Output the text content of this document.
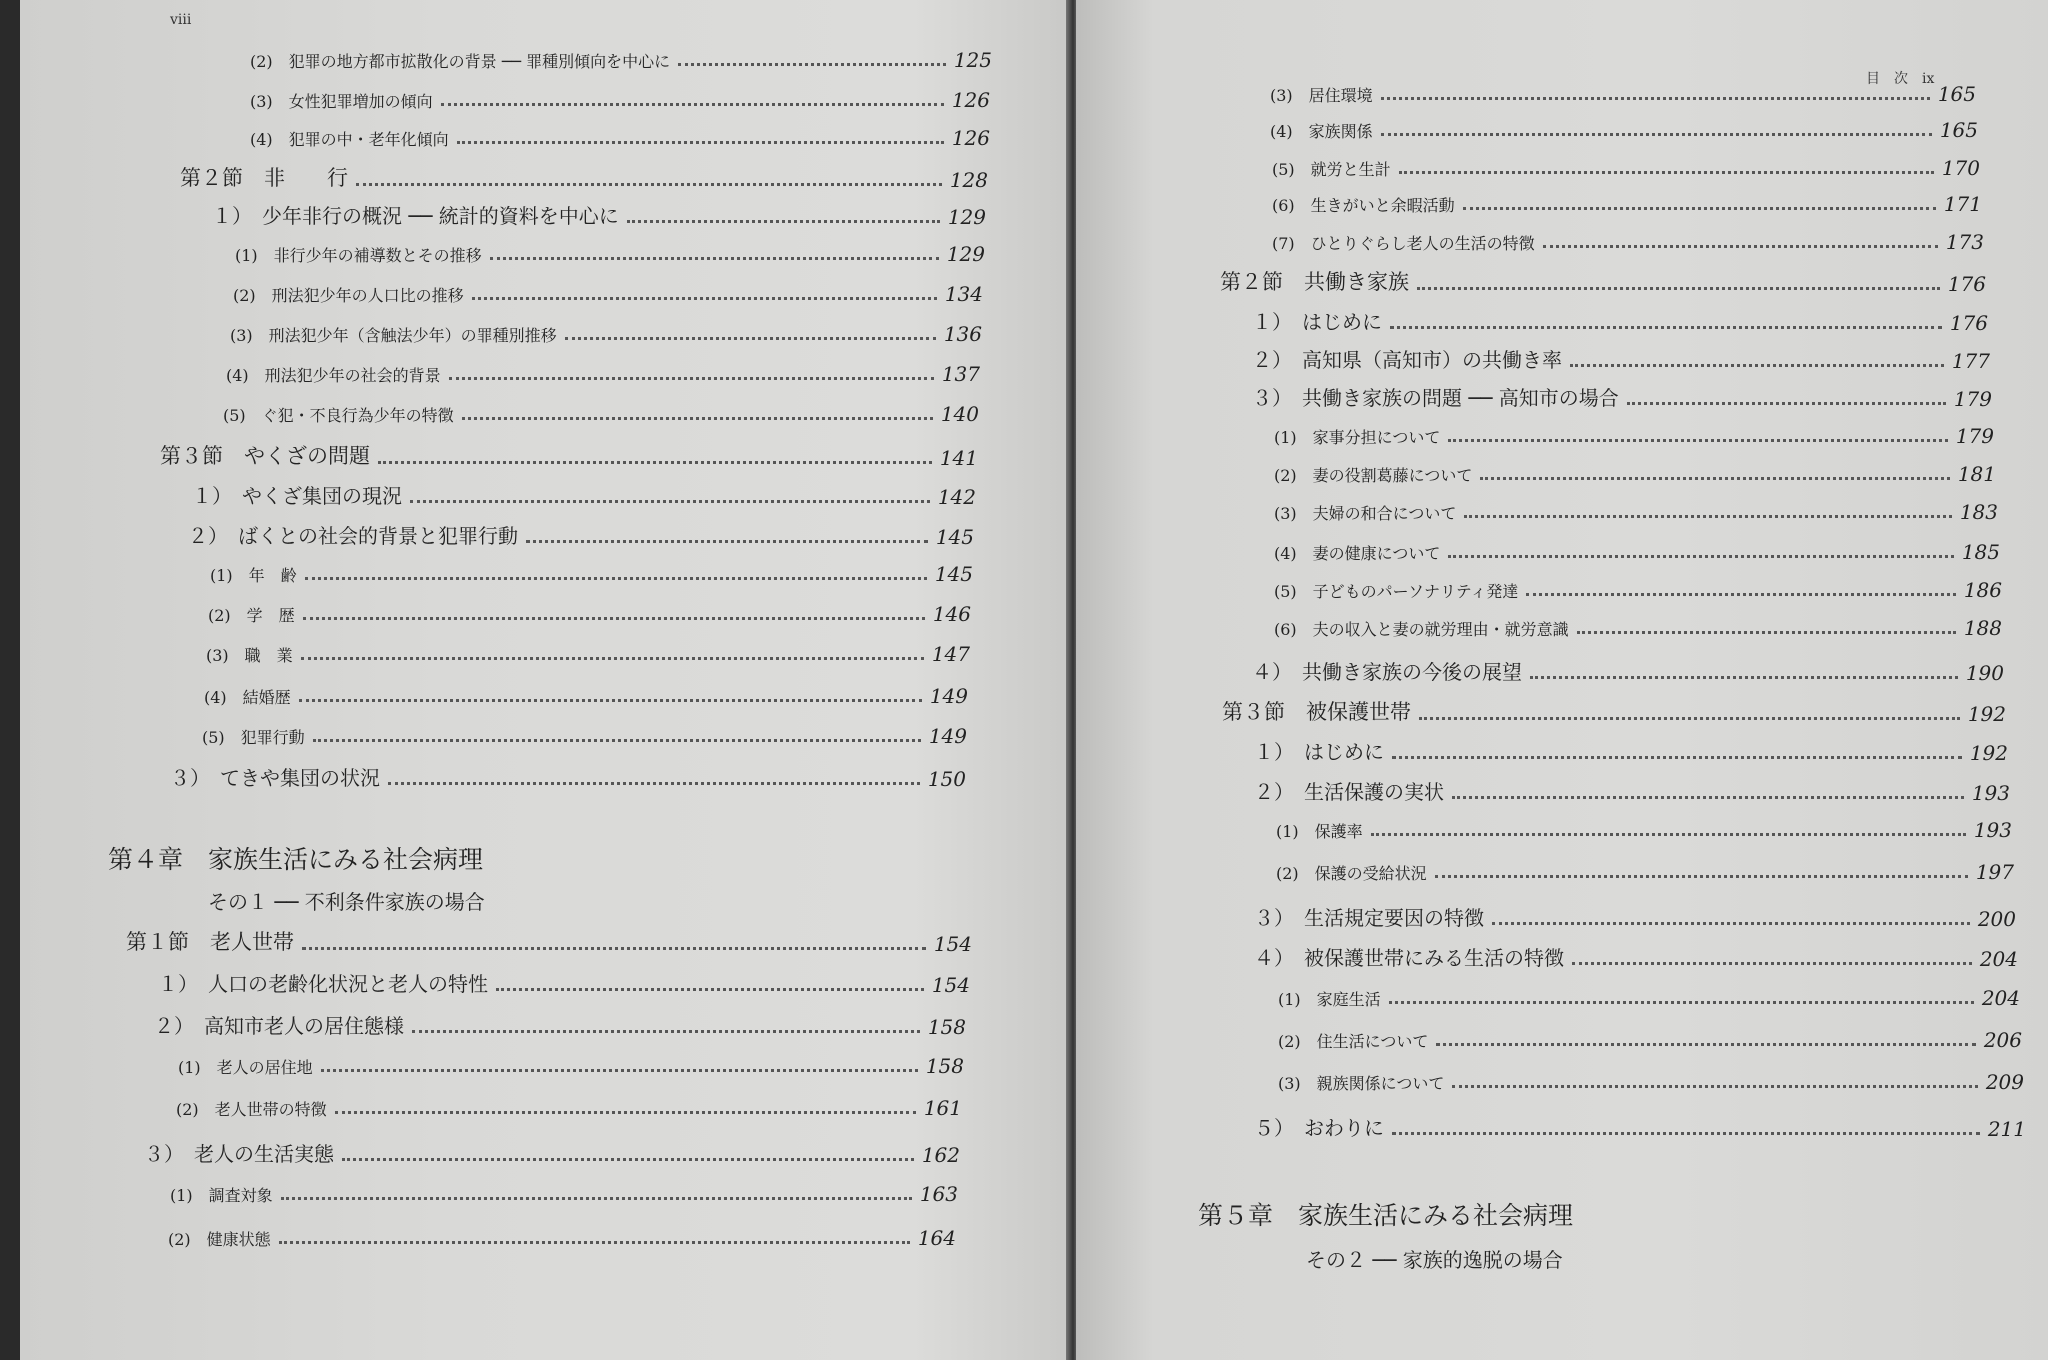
viii
(2)　犯罪の地方都市拡散化の背景 ── 罪種別傾向を中心に	125
(3)　女性犯罪増加の傾向	126
(4)　犯罪の中・老年化傾向	126
第２節　非　　行	128
１）　少年非行の概況 ── 統計的資料を中心に	129
(1)　非行少年の補導数とその推移	129
(2)　刑法犯少年の人口比の推移	134
(3)　刑法犯少年（含触法少年）の罪種別推移	136
(4)　刑法犯少年の社会的背景	137
(5)　ぐ犯・不良行為少年の特徴	140
第３節　やくざの問題	141
１）　やくざ集団の現況	142
２）　ばくとの社会的背景と犯罪行動	145
(1)　年　齢	145
(2)　学　歴	146
(3)　職　業	147
(4)　結婚歴	149
(5)　犯罪行動	149
３）　てきや集団の状況	150
第４章　家族生活にみる社会病理
その１ ── 不利条件家族の場合
第１節　老人世帯	154
１）　人口の老齢化状況と老人の特性	154
２）　高知市老人の居住態様	158
(1)　老人の居住地	158
(2)　老人世帯の特徴	161
３）　老人の生活実態	162
(1)　調査対象	163
(2)　健康状態	164
目　次　ix
(3)　居住環境	165
(4)　家族関係	165
(5)　就労と生計	170
(6)　生きがいと余暇活動	171
(7)　ひとりぐらし老人の生活の特徴	173
第２節　共働き家族	176
１）　はじめに	176
２）　高知県（高知市）の共働き率	177
３）　共働き家族の問題 ── 高知市の場合	179
(1)　家事分担について	179
(2)　妻の役割葛藤について	181
(3)　夫婦の和合について	183
(4)　妻の健康について	185
(5)　子どものパーソナリティ発達	186
(6)　夫の収入と妻の就労理由・就労意識	188
４）　共働き家族の今後の展望	190
第３節　被保護世帯	192
１）　はじめに	192
２）　生活保護の実状	193
(1)　保護率	193
(2)　保護の受給状況	197
３）　生活規定要因の特徴	200
４）　被保護世帯にみる生活の特徴	204
(1)　家庭生活	204
(2)　住生活について	206
(3)　親族関係について	209
５）　おわりに	211
第５章　家族生活にみる社会病理
その２ ── 家族的逸脱の場合
